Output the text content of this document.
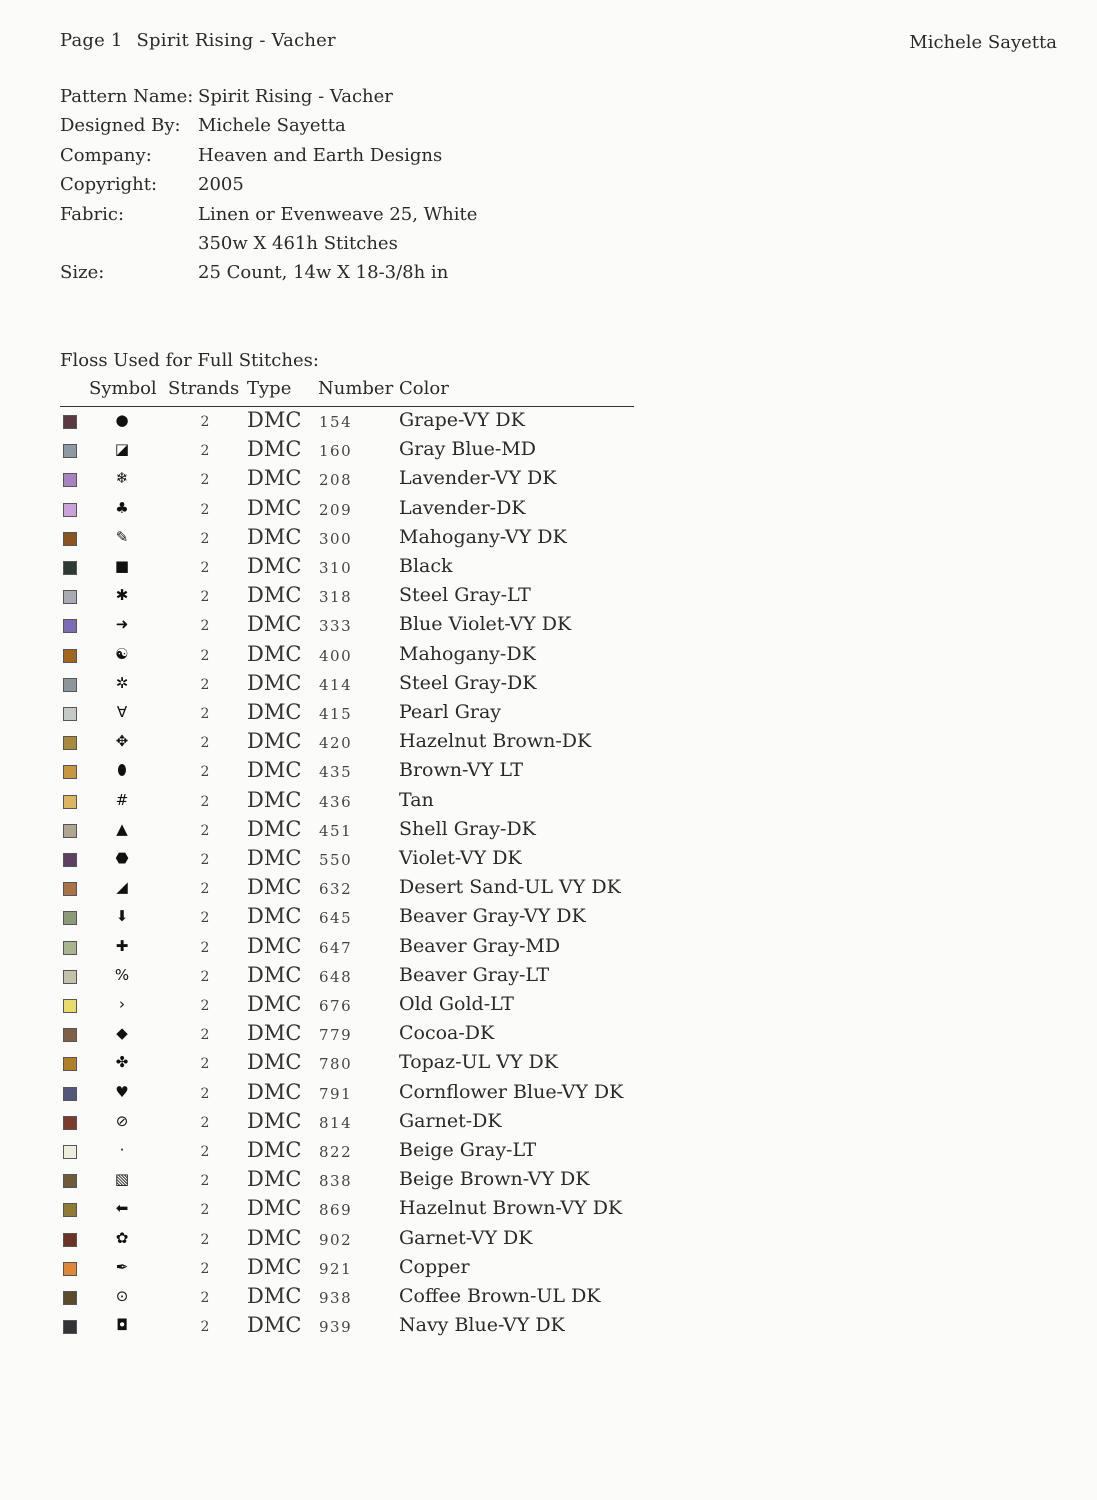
Page 1 Spirit Rising - Vacher	Michele Sayetta
Pattern Name: Spirit Rising - Vacher
Designed By: Michele Sayetta
Company:	Heaven and Earth Designs
Copyright:	2005
Fabric:	Linen or Evenweave 25, White
350w X 461h Stitches
Size:	25 Count, 14w X 18-3/8h in
Floss Used for Full Stitches:
Symbol Strands Type Number Color
●	2 DMC 154 Grape-VY DK
◪	2 DMC 160 Gray Blue-MD
❄	2 DMC 208 Lavender-VY DK
♣	2 DMC 209 Lavender-DK
✎	2 DMC 300 Mahogany-VY DK
■	2 DMC 310 Black
✱	2 DMC 318 Steel Gray-LT
➜	2 DMC 333 Blue Violet-VY DK
☯	2 DMC 400 Mahogany-DK
✲	2 DMC 414 Steel Gray-DK
∀	2 DMC 415 Pearl Gray
✥	2 DMC 420 Hazelnut Brown-DK
⬮	2 DMC 435 Brown-VY LT
#	2 DMC 436 Tan
▲	2 DMC 451 Shell Gray-DK
⬣	2 DMC 550 Violet-VY DK
◢	2 DMC 632 Desert Sand-UL VY DK
⬇	2 DMC 645 Beaver Gray-VY DK
✚	2 DMC 647 Beaver Gray-MD
%	2 DMC 648 Beaver Gray-LT
›	2 DMC 676 Old Gold-LT
◆	2 DMC 779 Cocoa-DK
✤	2 DMC 780 Topaz-UL VY DK
♥	2 DMC 791 Cornflower Blue-VY DK
⊘	2 DMC 814 Garnet-DK
·	2 DMC 822 Beige Gray-LT
▧	2 DMC 838 Beige Brown-VY DK
⬅	2 DMC 869 Hazelnut Brown-VY DK
✿	2 DMC 902 Garnet-VY DK
✒	2 DMC 921 Copper
⊙	2 DMC 938 Coffee Brown-UL DK
◘	2 DMC 939 Navy Blue-VY DK
